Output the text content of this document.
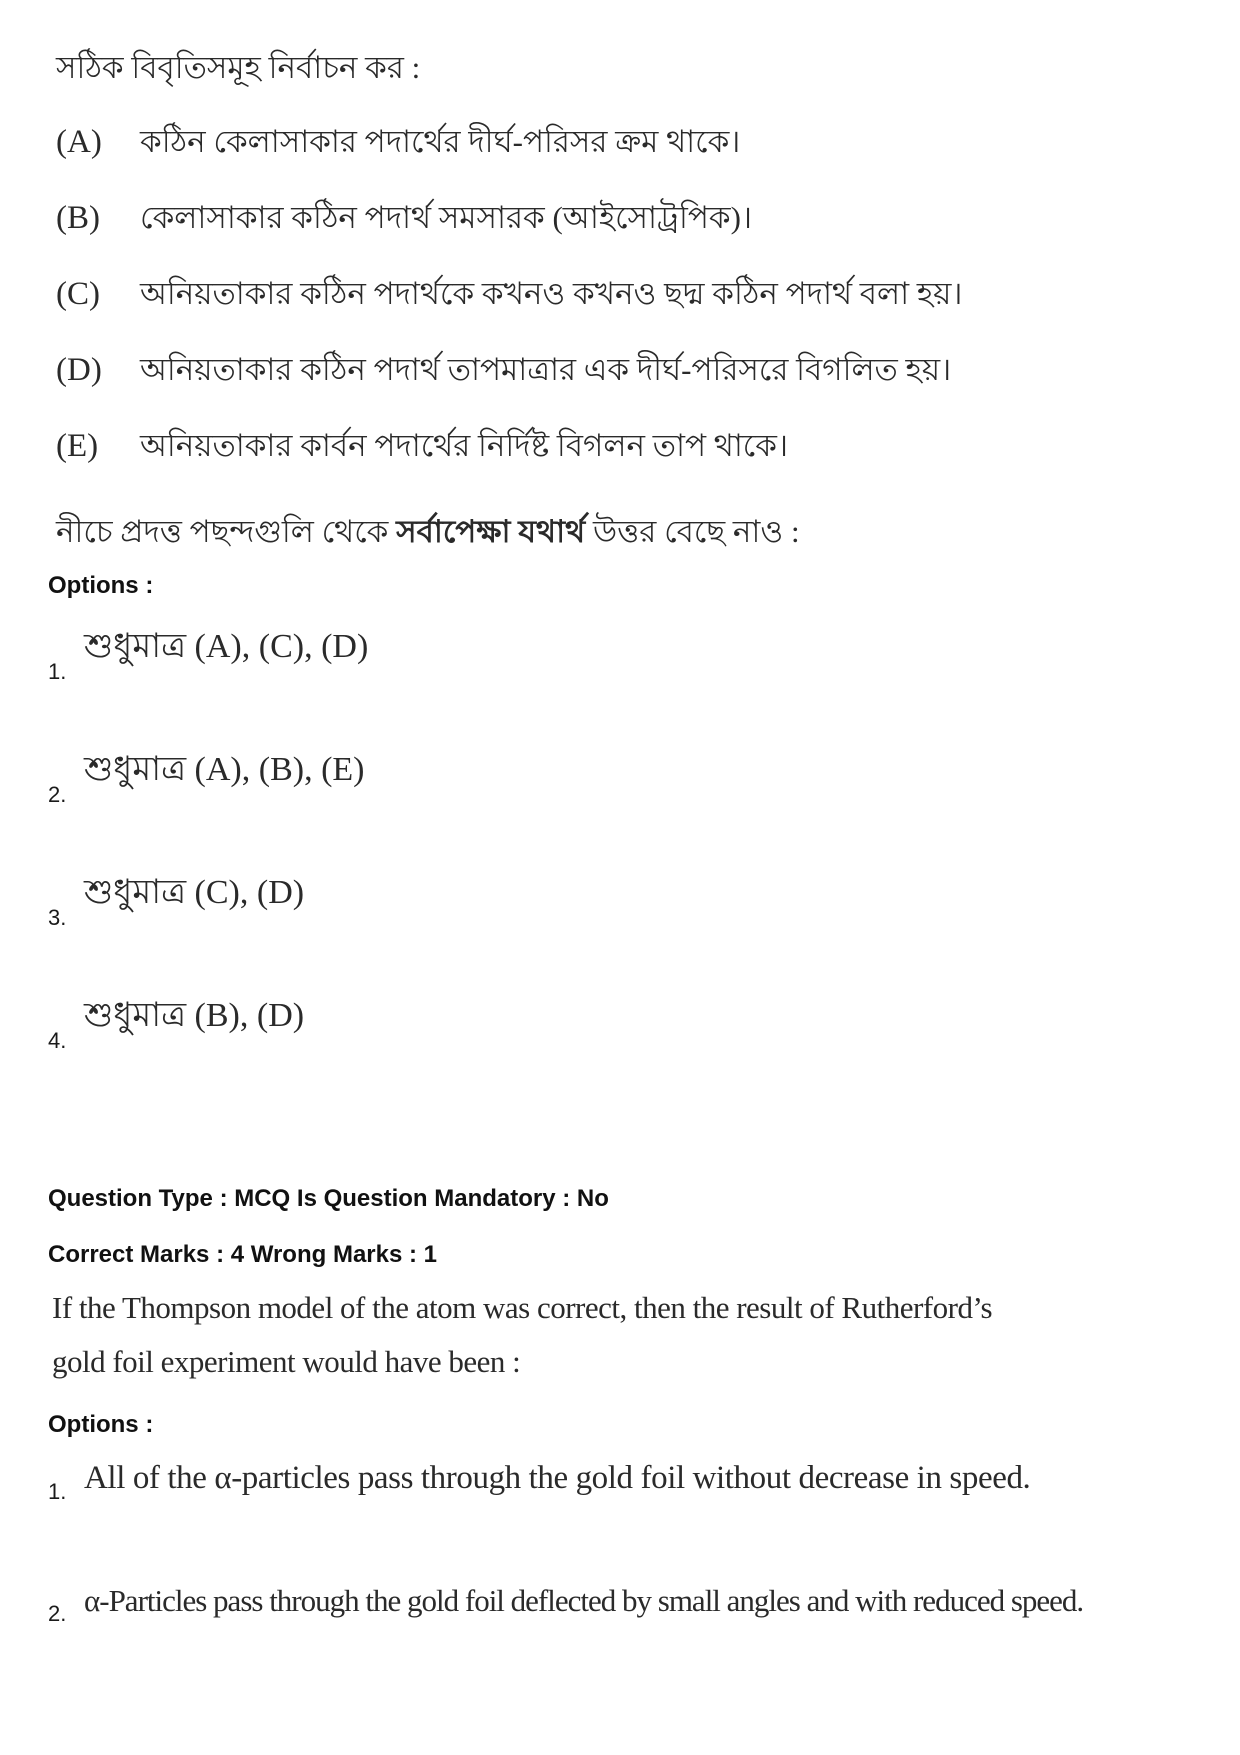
সঠিক বিবৃতিসমূহ নির্বাচন কর :

(A)	কঠিন কেলাসাকার পদার্থের দীর্ঘ-পরিসর ক্রম থাকে।
(B)	কেলাসাকার কঠিন পদার্থ সমসারক (আইসোট্রপিক)।
(C)	অনিয়তাকার কঠিন পদার্থকে কখনও কখনও ছদ্ম কঠিন পদার্থ বলা হয়।
(D)	অনিয়তাকার কঠিন পদার্থ তাপমাত্রার এক দীর্ঘ-পরিসরে বিগলিত হয়।
(E)	অনিয়তাকার কার্বন পদার্থের নির্দিষ্ট বিগলন তাপ থাকে।

নীচে প্রদত্ত পছন্দগুলি থেকে সর্বাপেক্ষা যথার্থ উত্তর বেছে নাও :

Options :

1.
শুধুমাত্র (A), (C), (D)
2.
শুধুমাত্র (A), (B), (E)
3.
শুধুমাত্র (C), (D)
4.
শুধুমাত্র (B), (D)

Question Type : MCQ Is Question Mandatory : No

Correct Marks : 4 Wrong Marks : 1

If the Thompson model of the atom was correct, then the result of Rutherford’s gold foil experiment would have been :

Options :

1. All of the α-particles pass through the gold foil without decrease in speed.
2. α-Particles pass through the gold foil deflected by small angles and with reduced speed.
